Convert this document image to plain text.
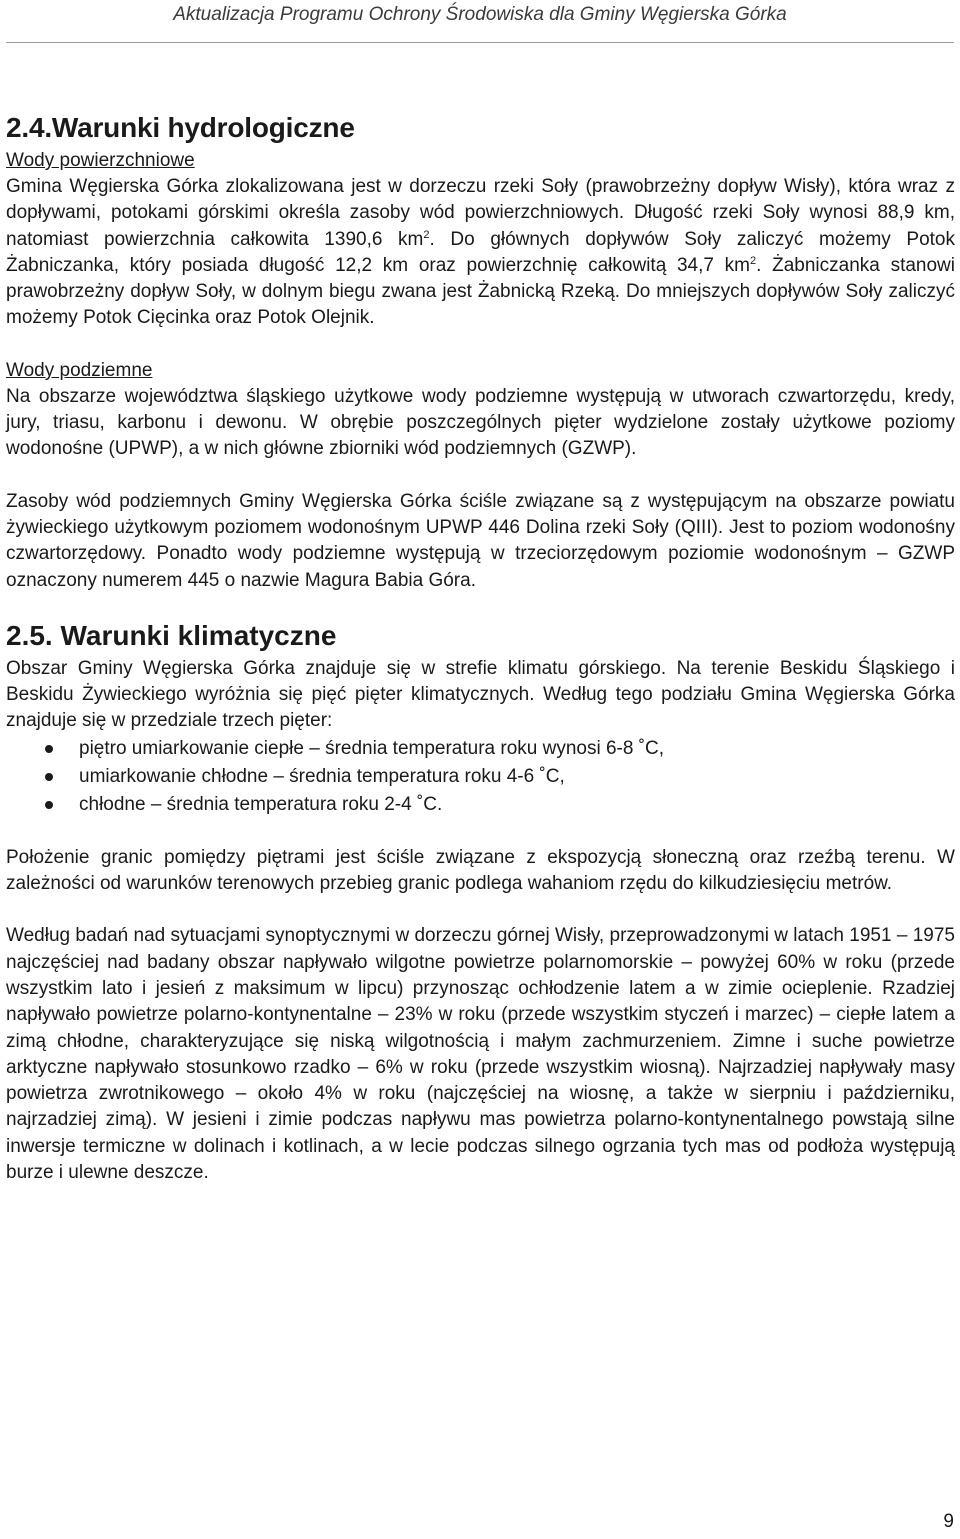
Aktualizacja Programu Ochrony Środowiska dla Gminy Węgierska Górka
2.4.Warunki hydrologiczne
Wody powierzchniowe

Gmina Węgierska Górka zlokalizowana jest w dorzeczu rzeki Soły (prawobrzeżny dopływ Wisły), która wraz z dopływami, potokami górskimi określa zasoby wód powierzchniowych. Długość rzeki Soły wynosi 88,9 km, natomiast powierzchnia całkowita 1390,6 $km^2$. Do głównych dopływów Soły zaliczyć możemy Potok Żabniczanka, który posiada długość 12,2 km oraz powierzchnię całkowitą 34,7 $km^2$. Żabniczanka stanowi prawobrzeżny dopływ Soły, w dolnym biegu zwana jest Żabnicką Rzeką. Do mniejszych dopływów Soły zaliczyć możemy Potok Cięcinka oraz Potok Olejnik.

Wody podziemne

Na obszarze województwa śląskiego użytkowe wody podziemne występują w utworach czwartorzędu, kredy, jury, triasu, karbonu i dewonu. W obrębie poszczególnych pięter wydzielone zostały użytkowe poziomy wodonośne (UPWP), a w nich główne zbiorniki wód podziemnych (GZWP).

Zasoby wód podziemnych Gminy Węgierska Górka ściśle związane są z występującym na obszarze powiatu żywieckiego użytkowym poziomem wodonośnym UPWP 446 Dolina rzeki Soły (QIII). Jest to poziom wodonośny czwartorzędowy. Ponadto wody podziemne występują w trzeciorzędowym poziomie wodonośnym – GZWP oznaczony numerem 445 o nazwie Magura Babia Góra.

2.5. Warunki klimatyczne

Obszar Gminy Węgierska Górka znajduje się w strefie klimatu górskiego. Na terenie Beskidu Śląskiego i Beskidu Żywieckiego wyróżnia się pięć pięter klimatycznych. Według tego podziału Gmina Węgierska Górka znajduje się w przedziale trzech pięter:

piętro umiarkowanie ciepłe – średnia temperatura roku wynosi 6-8 ˚C,
umiarkowanie chłodne – średnia temperatura roku 4-6 ˚C,
chłodne – średnia temperatura roku 2-4 ˚C.

Położenie granic pomiędzy piętrami jest ściśle związane z ekspozycją słoneczną oraz rzeźbą terenu. W zależności od warunków terenowych przebieg granic podlega wahaniom rzędu do kilkudziesięciu metrów.

Według badań nad sytuacjami synoptycznymi w dorzeczu górnej Wisły, przeprowadzonymi w latach 1951 – 1975 najczęściej nad badany obszar napływało wilgotne powietrze polarnomorskie – powyżej 60% w roku (przede wszystkim lato i jesień z maksimum w lipcu) przynosząc ochłodzenie latem a w zimie ocieplenie. Rzadziej napływało powietrze polarno-kontynentalne – 23% w roku (przede wszystkim styczeń i marzec) – ciepłe latem a zimą chłodne, charakteryzujące się niską wilgotnością i małym zachmurzeniem. Zimne i suche powietrze arktyczne napływało stosunkowo rzadko – 6% w roku (przede wszystkim wiosną). Najrzadziej napływały masy powietrza zwrotnikowego – około 4% w roku (najczęściej na wiosnę, a także w sierpniu i październiku, najrzadziej zimą). W jesieni i zimie podczas napływu mas powietrza polarno-kontynentalnego powstają silne inwersje termiczne w dolinach i kotlinach, a w lecie podczas silnego ogrzania tych mas od podłoża występują burze i ulewne deszcze.

9
